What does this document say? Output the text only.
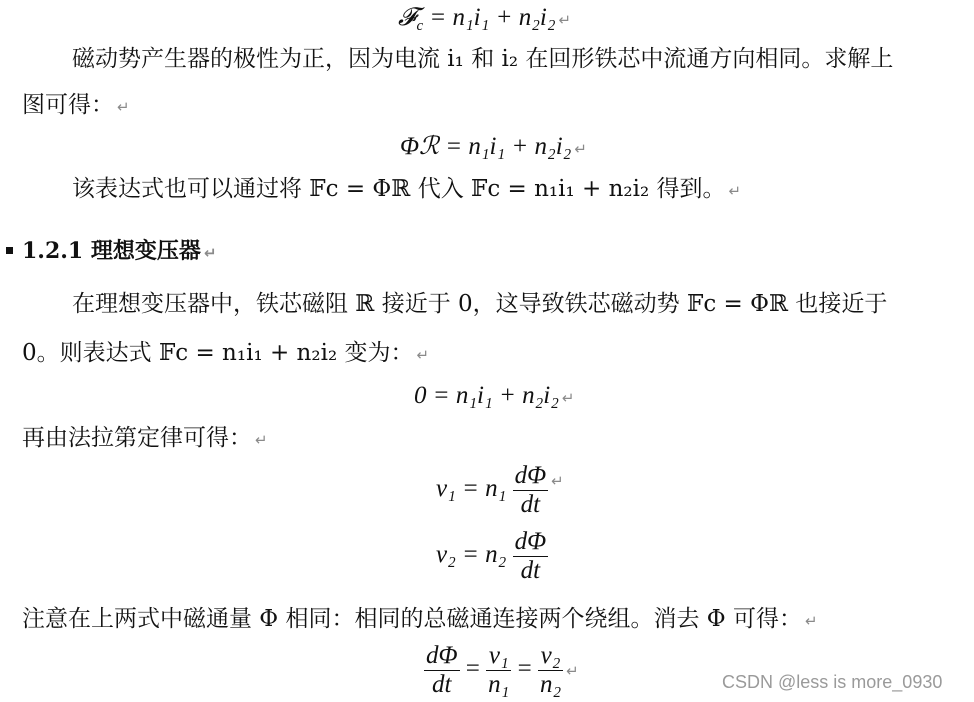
𝓕$_c$ = n₁i₁ + n₂i₂ ↵
磁动势产生器的极性为正，因为电流 i₁ 和 i₂ 在回形铁芯中流通方向相同。求解上
图可得： ↵
Φℛ = n₁i₁ + n₂i₂ ↵
该表达式也可以通过将 𝔽c = Φℝ 代入 𝔽c = n₁i₁ + n₂i₂ 得到。 ↵
1.2.1 理想变压器 ↵
在理想变压器中，铁芯磁阻 ℝ 接近于 0，这导致铁芯磁动势 𝔽c = Φℝ 也接近于
0。则表达式 𝔽c = n₁i₁ + n₂i₂ 变为： ↵
0 = n₁i₁ + n₂i₂ ↵
再由法拉第定律可得： ↵
$v_1 = n_1 \frac{d\Phi}{dt} ^↵$
$v_2 = n_2 \frac{d\Phi}{dt}$
注意在上两式中磁通量 Φ 相同：相同的总磁通连接两个绕组。消去 Φ 可得： ↵
$\frac{d\Phi}{dt} = \frac{\text{v₁}}{\text{n₁}} = \frac{\text{v₂}}{\text{n₂}}$ ↵
CSDN @less is more_0930
